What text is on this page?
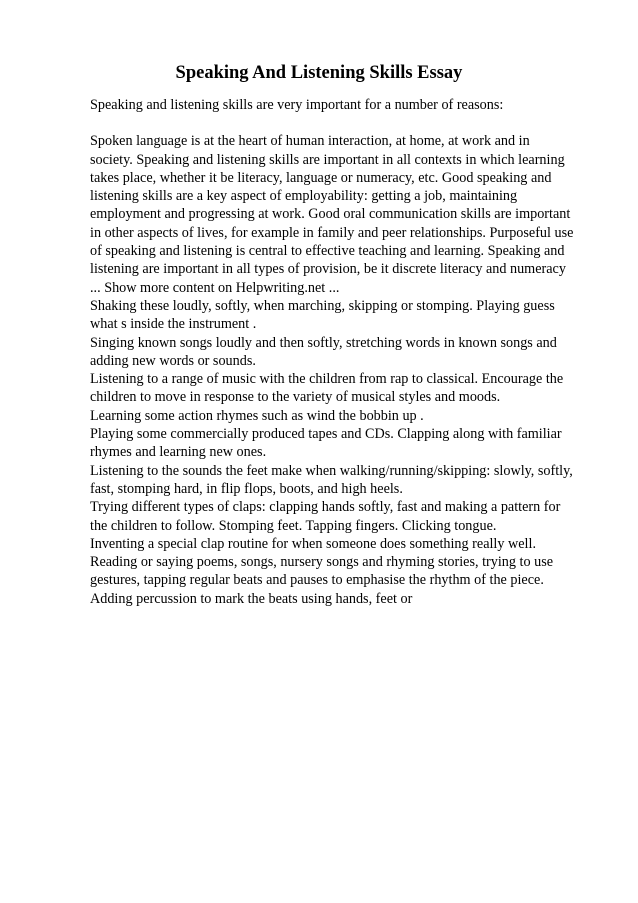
Speaking And Listening Skills Essay

Speaking and listening skills are very important for a number of reasons:

Spoken language is at the heart of human interaction, at home, at work and in

society. Speaking and listening skills are important in all contexts in which learning

takes place, whether it be literacy, language or numeracy, etc. Good speaking and

listening skills are a key aspect of employability: getting a job, maintaining

employment and progressing at work. Good oral communication skills are important

in other aspects of lives, for example in family and peer relationships. Purposeful use

of speaking and listening is central to effective teaching and learning. Speaking and

listening are important in all types of provision, be it discrete literacy and numeracy

... Show more content on Helpwriting.net ...

Shaking these loudly, softly, when marching, skipping or stomping. Playing guess

what s inside the instrument .

Singing known songs loudly and then softly, stretching words in known songs and

adding new words or sounds.

Listening to a range of music with the children from rap to classical. Encourage the

children to move in response to the variety of musical styles and moods.

Learning some action rhymes such as wind the bobbin up .

Playing some commercially produced tapes and CDs. Clapping along with familiar

rhymes and learning new ones.

Listening to the sounds the feet make when walking/running/skipping: slowly, softly,

fast, stomping hard, in flip flops, boots, and high heels.

Trying different types of claps: clapping hands softly, fast and making a pattern for

the children to follow. Stomping feet. Tapping fingers. Clicking tongue.

Inventing a special clap routine for when someone does something really well.

Reading or saying poems, songs, nursery songs and rhyming stories, trying to use

gestures, tapping regular beats and pauses to emphasise the rhythm of the piece.

Adding percussion to mark the beats using hands, feet or
